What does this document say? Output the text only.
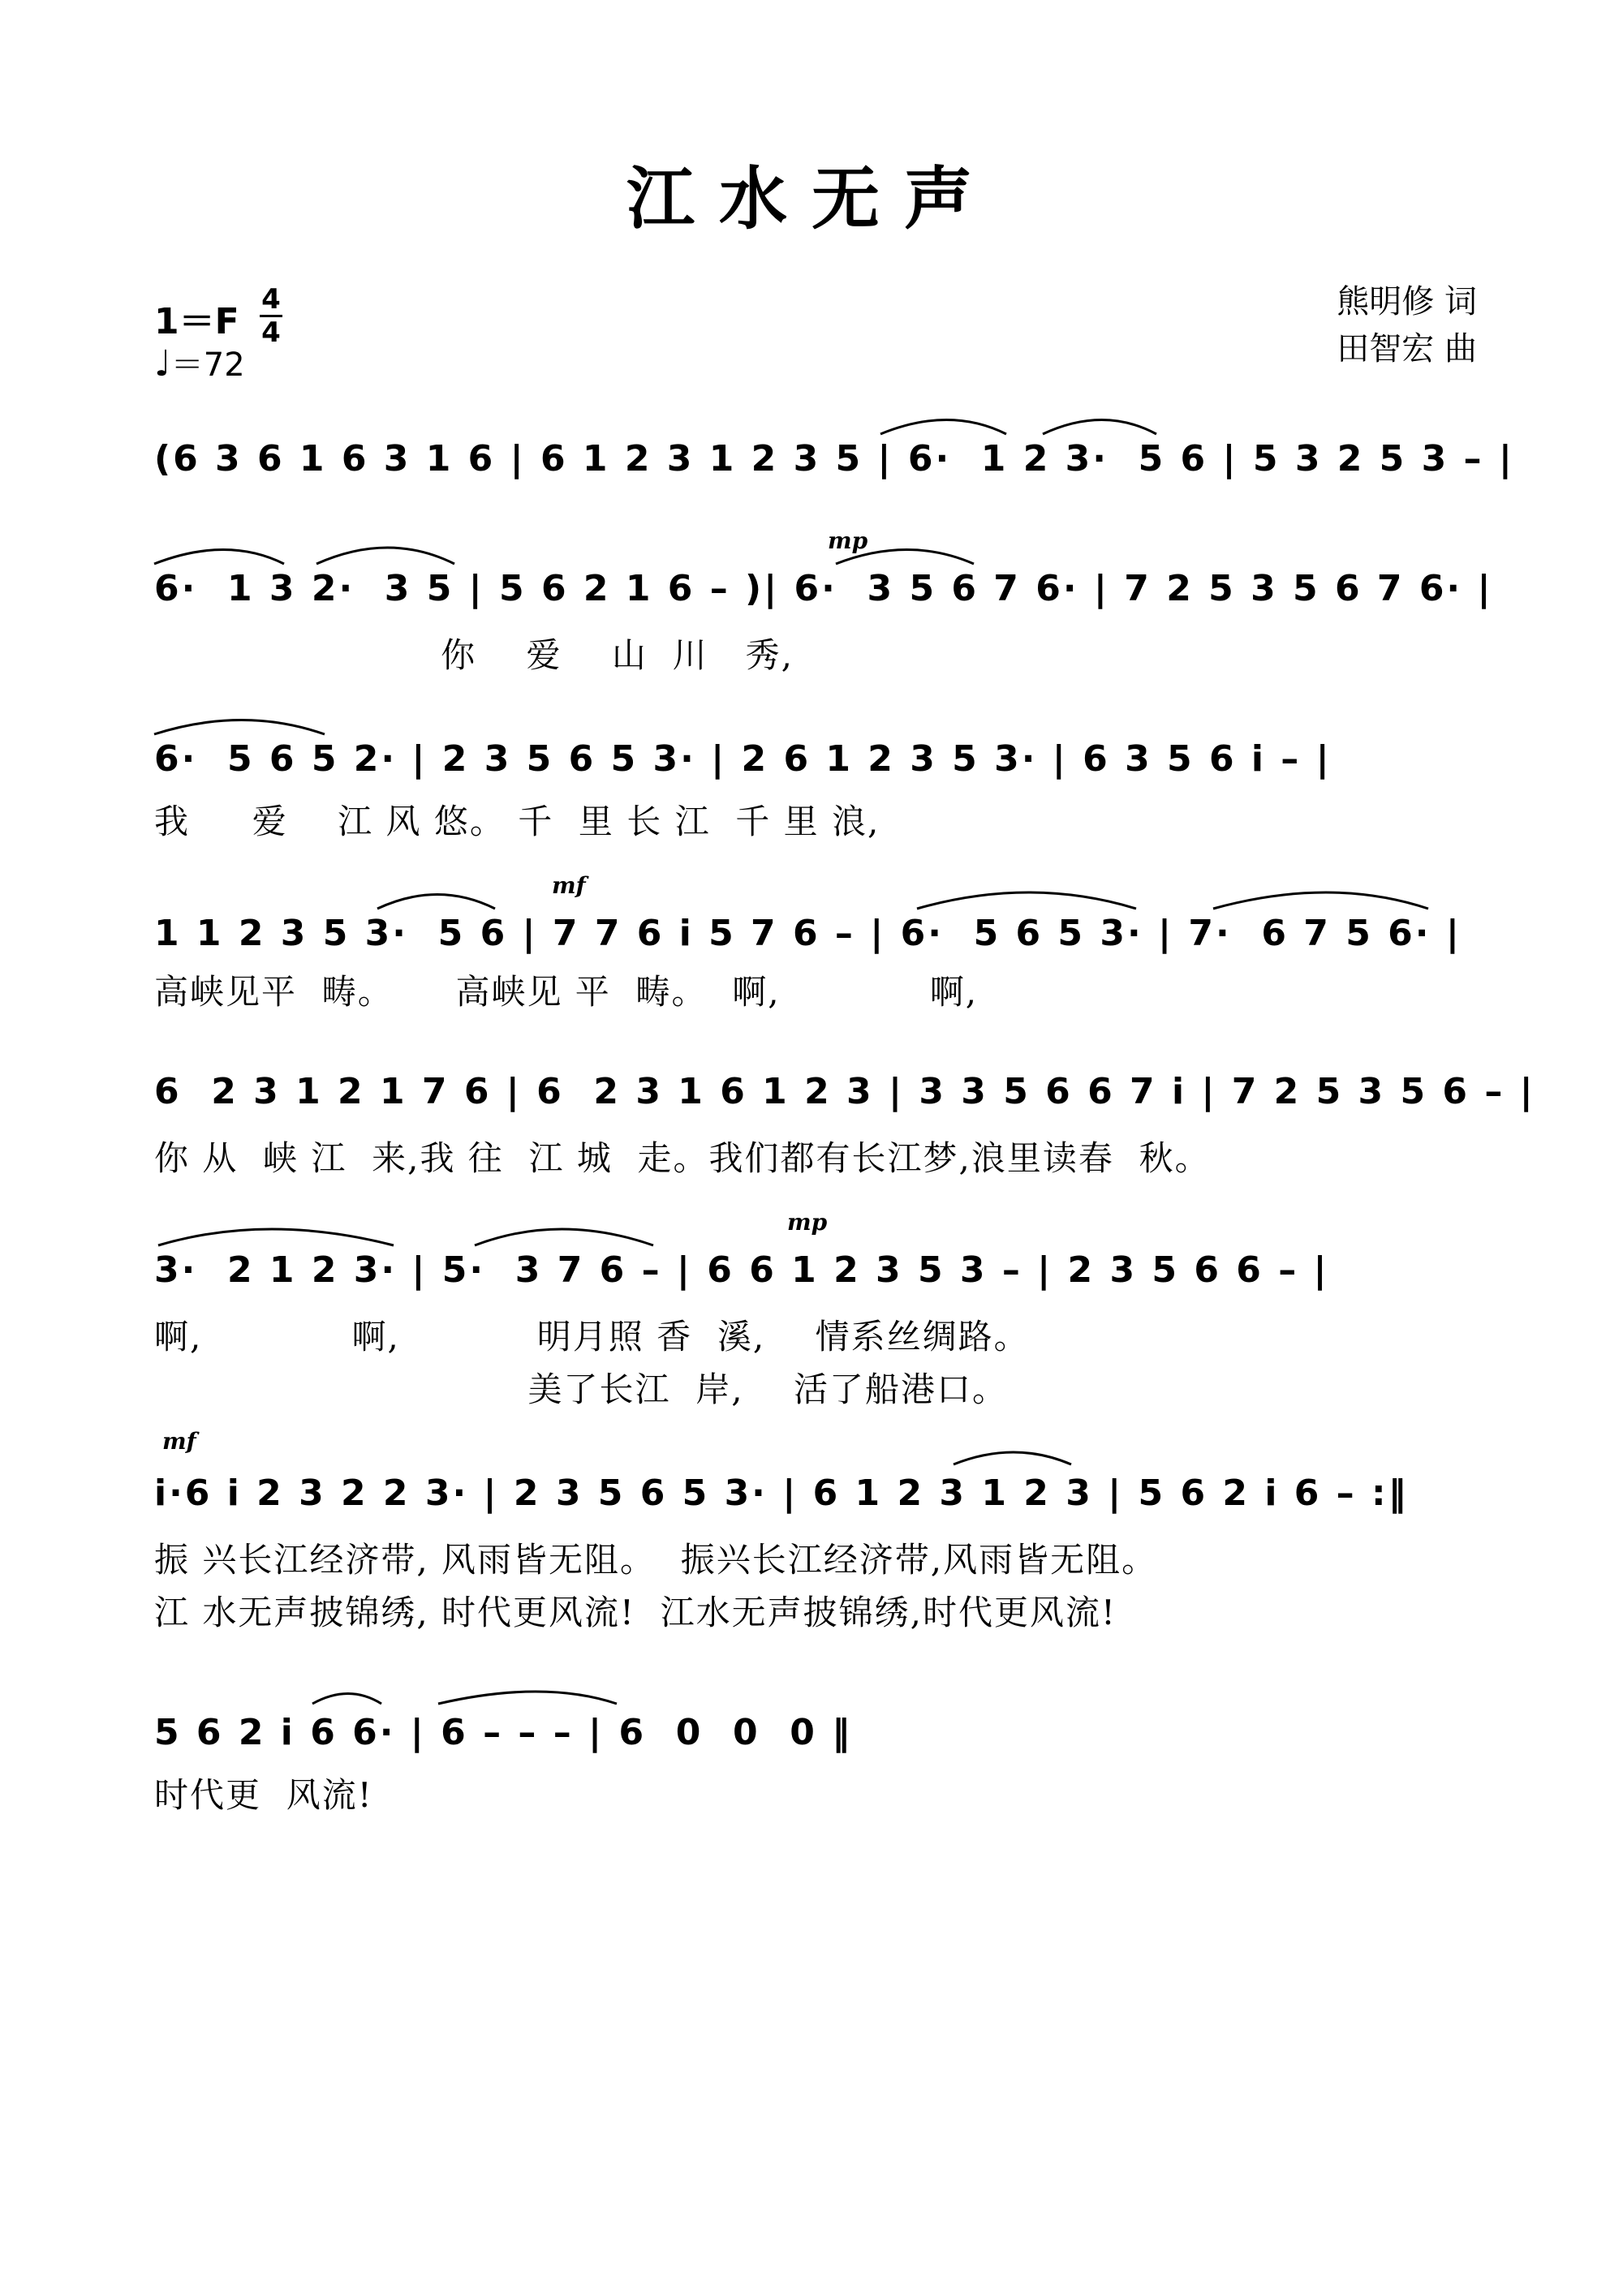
江水无声
1＝F
4
4
♩＝72
熊明修 词
田智宏 曲
(6 3 6 1 6 3 1 6 | 6 1 2 3 1 2 3 5 | 6·  1 2 3·  5 6 | 5 3 2 5 3 – |
mp
6·  1 3 2·  3 5 | 5 6 2 1 6 – )| 6·  3 5 6 7 6· | 7 2 5 3 5 6 7 6· |
你    爱    山  川   秀,
6·  5 6 5 2· | 2 3 5 6 5 3· | 2 6 1 2 3 5 3· | 6 3 5 6 i – |
我     爱    江 风 悠。 千  里 长 江  千 里 浪,
mf
1 1 2 3 5 3·  5 6 | 7 7 6 i 5 7 6 – | 6·  5 6 5 3· | 7·  6 7 5 6· |
高峡见平  畴。     高峡见 平  畴。  啊,            啊,
6  2 3 1 2 1 7 6 | 6  2 3 1 6 1 2 3 | 3 3 5 6 6 7 i | 7 2 5 3 5 6 – |
你 从  峡 江  来,我 往  江 城  走。我们都有长江梦,浪里读春  秋。
mp
3·  2 1 2 3· | 5·  3 7 6 – | 6 6 1 2 3 5 3 – | 2 3 5 6 6 – |
啊,            啊,           明月照 香  溪,    情系丝绸路。
美了长江  岸,    活了船港口。
mf
i·6 i 2 3 2 2 3· | 2 3 5 6 5 3· | 6 1 2 3 1 2 3 | 5 6 2 i 6 – :‖
振 兴长江经济带, 风雨皆无阻。  振兴长江经济带,风雨皆无阻。
江 水无声披锦绣, 时代更风流!  江水无声披锦绣,时代更风流!
5 6 2 i 6 6· | 6 – – – | 6  0  0  0 ‖
时代更  风流!
